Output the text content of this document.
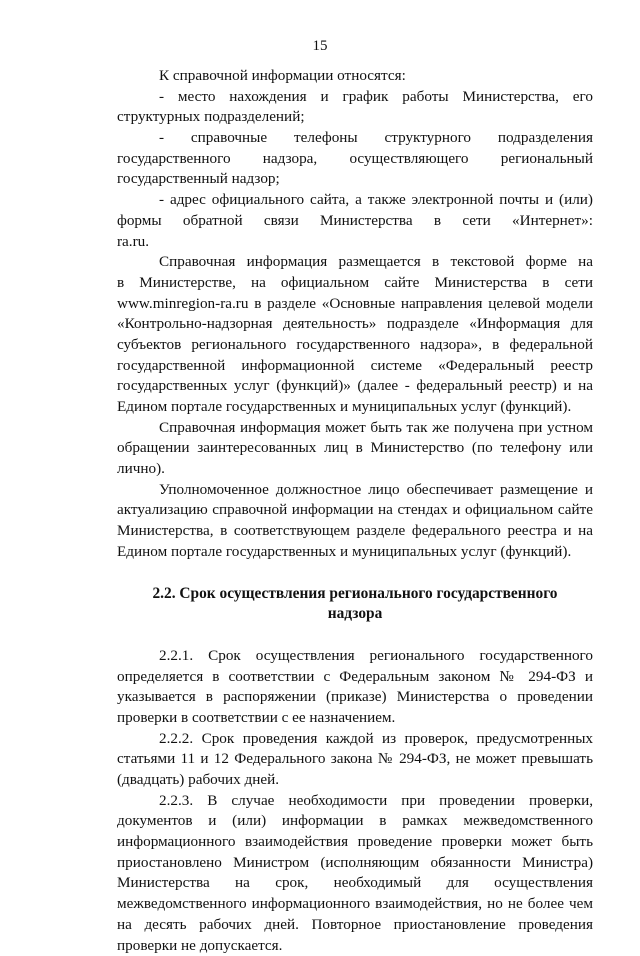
15
К справочной информации относятся:
- место нахождения и график работы Министерства, его
структурных подразделений;
- справочные телефоны структурного подразделения
государственного надзора, осуществляющего региональный
государственный надзор;
- адрес официального сайта, а также электронной почты и (или)
формы обратной связи Министерства в сети «Интернет»:
ra.ru.
Справочная информация размещается в текстовой форме на
в Министерстве, на официальном сайте Министерства в сети
www.minregion-ra.ru в разделе «Основные направления целевой модели
«Контрольно-надзорная деятельность» подразделе «Информация для
субъектов регионального государственного надзора», в федеральной
государственной информационной системе «Федеральный реестр
государственных услуг (функций)» (далее - федеральный реестр) и на
Едином портале государственных и муниципальных услуг (функций).
Справочная информация может быть так же получена при устном
обращении заинтересованных лиц в Министерство (по телефону или
лично).
Уполномоченное должностное лицо обеспечивает размещение и
актуализацию справочной информации на стендах и официальном сайте
Министерства, в соответствующем разделе федерального реестра и на
Едином портале государственных и муниципальных услуг (функций).

2.2. Срок осуществления регионального государственного
надзора

2.2.1. Срок осуществления регионального государственного
определяется в соответствии с Федеральным законом № 294-ФЗ и
указывается в распоряжении (приказе) Министерства о проведении
проверки в соответствии с ее назначением.
2.2.2. Срок проведения каждой из проверок, предусмотренных
статьями 11 и 12 Федерального закона № 294-ФЗ, не может превышать
(двадцать) рабочих дней.
2.2.3. В случае необходимости при проведении проверки,
документов и (или) информации в рамках межведомственного
информационного взаимодействия проведение проверки может быть
приостановлено Министром (исполняющим обязанности Министра)
Министерства на срок, необходимый для осуществления
межведомственного информационного взаимодействия, но не более чем
на десять рабочих дней. Повторное приостановление проведения
проверки не допускается.
